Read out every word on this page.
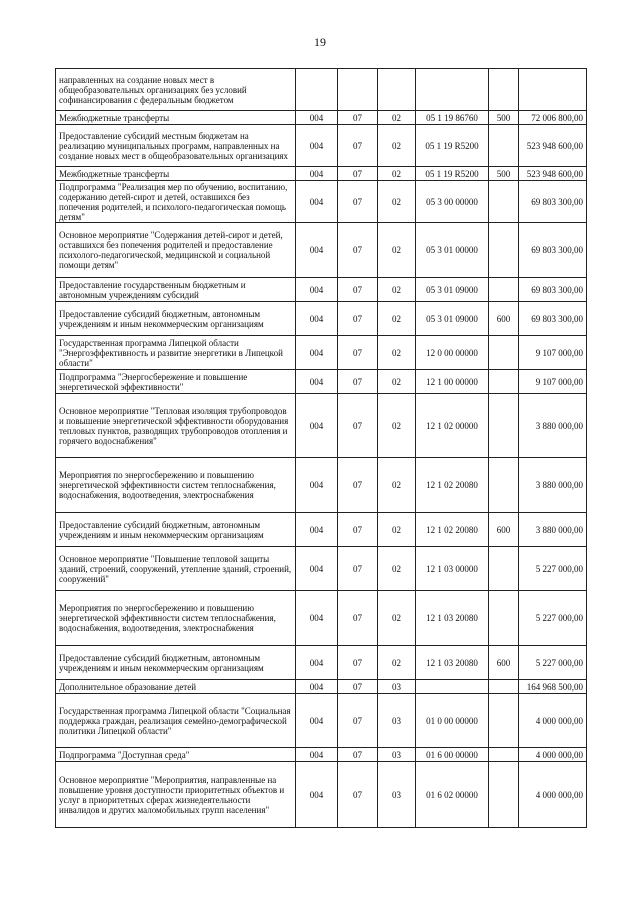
19
направленных на создание новых мест в общеобразовательных организациях без условий софинансирования с федеральным бюджетом						
Межбюджетные трансферты	004	07	02	05 1 19 86760	500	72 006 800,00
Предоставление субсидий местным бюджетам на реализацию муниципальных программ, направленных на создание новых мест в общеобразовательных организациях	004	07	02	05 1 19 R5200		523 948 600,00
Межбюджетные трансферты	004	07	02	05 1 19 R5200	500	523 948 600,00
Подпрограмма "Реализация мер по обучению, воспитанию, содержанию детей-сирот и детей, оставшихся без попечения родителей, и психолого-педагогическая помощь детям"	004	07	02	05 3 00 00000		69 803 300,00
Основное мероприятие "Содержания детей-сирот и детей, оставшихся без попечения родителей и предоставление психолого-педагогической, медицинской и социальной помощи детям"	004	07	02	05 3 01 00000		69 803 300,00
Предоставление государственным бюджетным и автономным учреждениям субсидий	004	07	02	05 3 01 09000		69 803 300,00
Предоставление субсидий бюджетным, автономным учреждениям и иным некоммерческим организациям	004	07	02	05 3 01 09000	600	69 803 300,00
Государственная программа Липецкой области "Энергоэффективность и развитие энергетики в Липецкой области"	004	07	02	12 0 00 00000		9 107 000,00
Подпрограмма "Энергосбережение и повышение энергетической эффективности"	004	07	02	12 1 00 00000		9 107 000,00
Основное мероприятие "Тепловая изоляция трубопроводов и повышение энергетической эффективности оборудования тепловых пунктов, разводящих трубопроводов отопления и горячего водоснабжения"	004	07	02	12 1 02 00000		3 880 000,00
Мероприятия по энергосбережению и повышению энергетической эффективности систем теплоснабжения, водоснабжения, водоотведения, электроснабжения	004	07	02	12 1 02 20080		3 880 000,00
Предоставление субсидий бюджетным, автономным учреждениям и иным некоммерческим организациям	004	07	02	12 1 02 20080	600	3 880 000,00
Основное мероприятие "Повышение тепловой защиты зданий, строений, сооружений, утепление зданий, строений, сооружений"	004	07	02	12 1 03 00000		5 227 000,00
Мероприятия по энергосбережению и повышению энергетической эффективности систем теплоснабжения, водоснабжения, водоотведения, электроснабжения	004	07	02	12 1 03 20080		5 227 000,00
Предоставление субсидий бюджетным, автономным учреждениям и иным некоммерческим организациям	004	07	02	12 1 03 20080	600	5 227 000,00
Дополнительное образование детей	004	07	03			164 968 500,00
Государственная программа Липецкой области "Социальная поддержка граждан, реализация семейно-демографической политики Липецкой области"	004	07	03	01 0 00 00000		4 000 000,00
Подпрограмма "Доступная среда"	004	07	03	01 6 00 00000		4 000 000,00
Основное мероприятие "Мероприятия, направленные на повышение уровня доступности приоритетных объектов и услуг в приоритетных сферах жизнедеятельности инвалидов и других маломобильных групп населения"	004	07	03	01 6 02 00000		4 000 000,00
